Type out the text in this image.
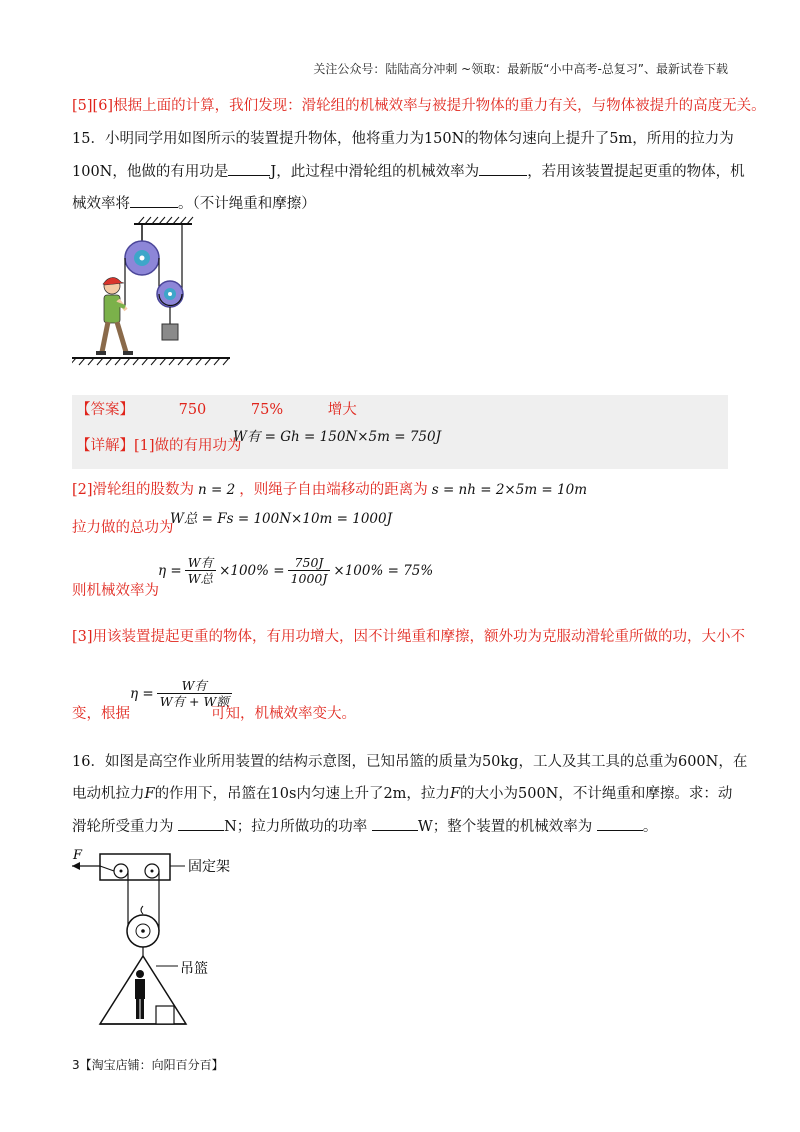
关注公众号：陆陆高分冲刺 ~领取：最新版“小中高考-总复习”、最新试卷下载
[5][6]根据上面的计算，我们发现：滑轮组的机械效率与被提升物体的重力有关，与物体被提升的高度无关。
15．小明同学用如图所示的装置提升物体，他将重力为150N的物体匀速向上提升了5m，所用的拉力为
100N，他做的有用功是	J，此过程中滑轮组的机械效率为	，若用该装置提起更重的物体，机
械效率将	。（不计绳重和摩擦）
【答案】	750	75%	增大
【详解】[1]做的有用功为
W有 = Gh = 150N×5m = 750J
[2]滑轮组的股数为 n = 2 ，则绳子自由端移动的距离为 s = nh = 2×5m = 10m
拉力做的总功为
W总 = Fs = 100N×10m = 1000J
则机械效率为
$\eta = \frac{\text{W有}}{\text{W总}} \times 100\% = \frac{750J}{1000J} \times 100\% = 75\%$
[3]用该装置提起更重的物体，有用功增大，因不计绳重和摩擦，额外功为克服动滑轮重所做的功，大小不
变，根据
$\eta = \frac{\text{W有}}{\text{W有 + W额}}$
可知，机械效率变大。
16．如图是高空作业所用装置的结构示意图，已知吊篮的质量为50kg，工人及其工具的总重为600N，在
电动机拉力F的作用下，吊篮在10s内匀速上升了2m，拉力F的大小为500N，不计绳重和摩擦。求：动
滑轮所受重力为	N；拉力所做功的功率	W；整个装置的机械效率为	。
F
固定架
吊篮
3【淘宝店铺：向阳百分百】
